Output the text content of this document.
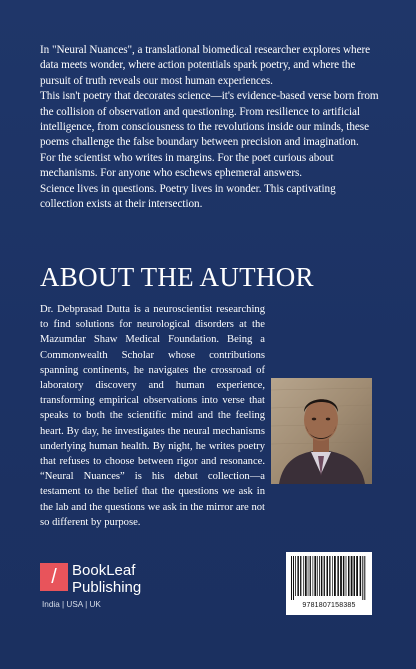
In "Neural Nuances", a translational biomedical researcher explores where data meets wonder, where action potentials spark poetry, and where the pursuit of truth reveals our most human experiences.

This isn't poetry that decorates science—it's evidence-based verse born from the collision of observation and questioning. From resilience to artificial intelligence, from consciousness to the revolutions inside our minds, these poems challenge the false boundary between precision and imagination.

For the scientist who writes in margins. For the poet curious about mechanisms. For anyone who eschews ephemeral answers.

Science lives in questions. Poetry lives in wonder. This captivating collection exists at their intersection.

ABOUT THE AUTHOR

Dr. Debprasad Dutta is a neuroscientist researching to find solutions for neurological disorders at the Mazumdar Shaw Medical Foundation. Being a Commonwealth Scholar whose contributions spanning continents, he navigates the crossroad of laboratory discovery and human experience, transforming empirical observations into verse that speaks to both the scientific mind and the feeling heart. By day, he investigates the neural mechanisms underlying human health. By night, he writes poetry that refuses to choose between rigor and resonance. “Neural Nuances” is his debut collection—a testament to the belief that the questions we ask in the lab and the questions we ask in the mirror are not so different by purpose.

/	BookLeaf
Publishing
India | USA | UK	9781807158385
